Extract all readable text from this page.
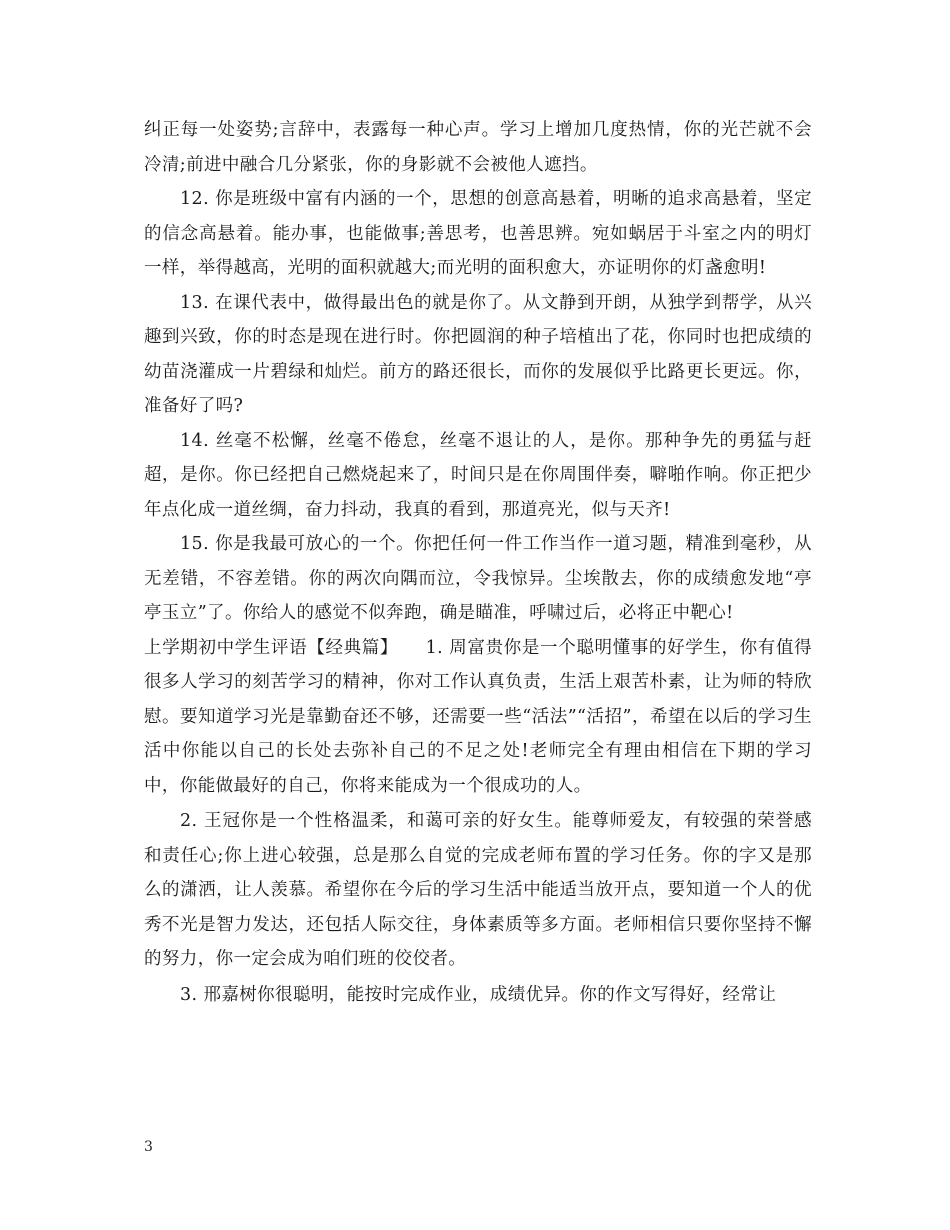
纠正每一处姿势;言辞中，表露每一种心声。学习上增加几度热情，你的光芒就不会冷清;前进中融合几分紧张，你的身影就不会被他人遮挡。

12. 你是班级中富有内涵的一个，思想的创意高悬着，明晰的追求高悬着，坚定的信念高悬着。能办事，也能做事;善思考，也善思辨。宛如蜗居于斗室之内的明灯一样，举得越高，光明的面积就越大;而光明的面积愈大，亦证明你的灯盏愈明!

13. 在课代表中，做得最出色的就是你了。从文静到开朗，从独学到帮学，从兴趣到兴致，你的时态是现在进行时。你把圆润的种子培植出了花，你同时也把成绩的幼苗浇灌成一片碧绿和灿烂。前方的路还很长，而你的发展似乎比路更长更远。你，准备好了吗?

14. 丝毫不松懈，丝毫不倦怠，丝毫不退让的人，是你。那种争先的勇猛与赶超，是你。你已经把自己燃烧起来了，时间只是在你周围伴奏，噼啪作响。你正把少年点化成一道丝绸，奋力抖动，我真的看到，那道亮光，似与天齐!

15. 你是我最可放心的一个。你把任何一件工作当作一道习题，精准到毫秒，从无差错，不容差错。你的两次向隅而泣，令我惊异。尘埃散去，你的成绩愈发地“亭亭玉立”了。你给人的感觉不似奔跑，确是瞄准，呼啸过后，必将正中靶心!

上学期初中学生评语【经典篇】　　1. 周富贵你是一个聪明懂事的好学生，你有值得很多人学习的刻苦学习的精神，你对工作认真负责，生活上艰苦朴素，让为师的特欣慰。要知道学习光是靠勤奋还不够，还需要一些“活法”“活招”，希望在以后的学习生活中你能以自己的长处去弥补自己的不足之处!老师完全有理由相信在下期的学习中，你能做最好的自己，你将来能成为一个很成功的人。

2. 王冠你是一个性格温柔，和蔼可亲的好女生。能尊师爱友，有较强的荣誉感和责任心;你上进心较强，总是那么自觉的完成老师布置的学习任务。你的字又是那么的潇洒，让人羡慕。希望你在今后的学习生活中能适当放开点，要知道一个人的优秀不光是智力发达，还包括人际交往，身体素质等多方面。老师相信只要你坚持不懈的努力，你一定会成为咱们班的佼佼者。

3. 邢嘉树你很聪明，能按时完成作业，成绩优异。你的作文写得好，经常让

3
